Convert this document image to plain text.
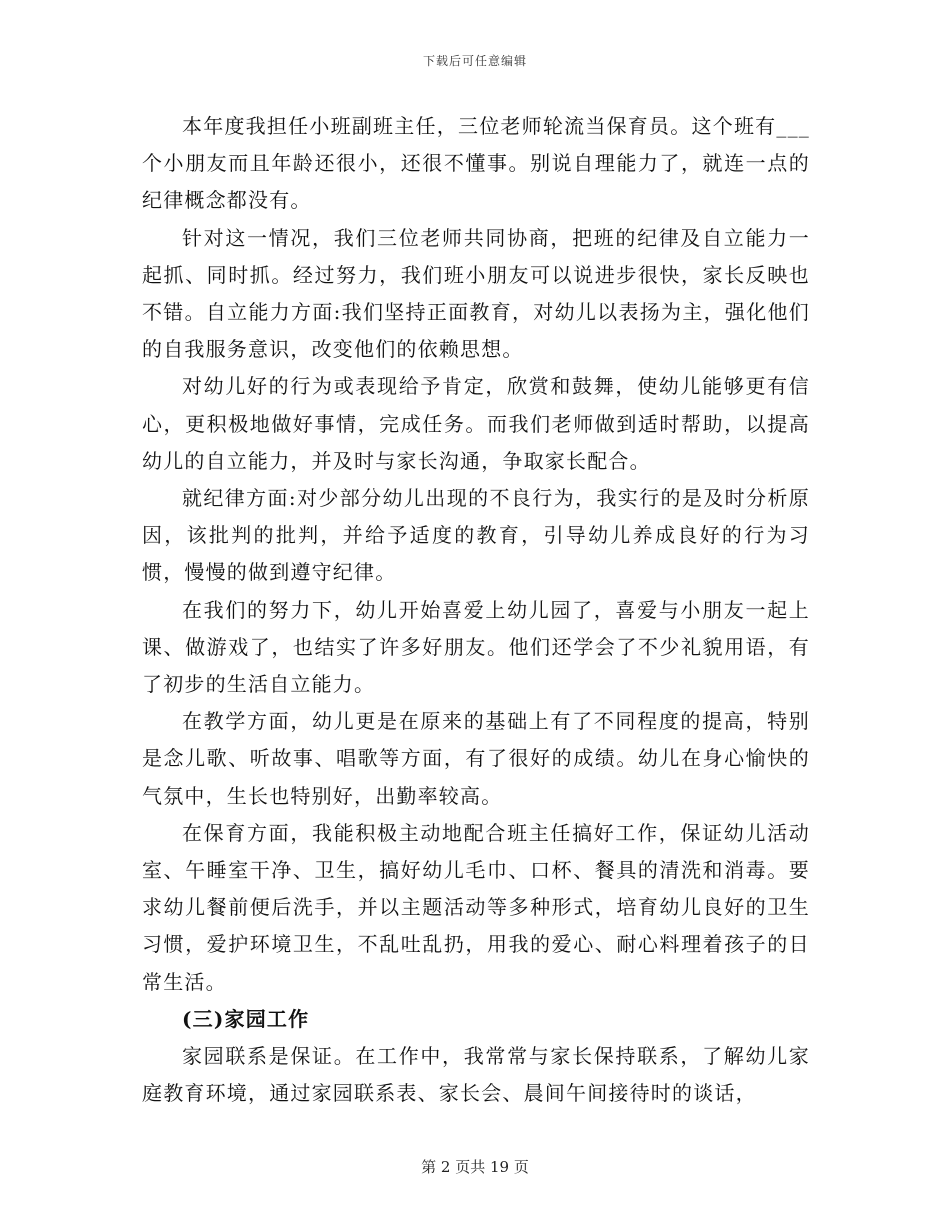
下载后可任意编辑

本年度我担任小班副班主任，三位老师轮流当保育员。这个班有___个小朋友而且年龄还很小，还很不懂事。别说自理能力了，就连一点的纪律概念都没有。

针对这一情况，我们三位老师共同协商，把班的纪律及自立能力一起抓、同时抓。经过努力，我们班小朋友可以说进步很快，家长反映也不错。自立能力方面:我们坚持正面教育，对幼儿以表扬为主，强化他们的自我服务意识，改变他们的依赖思想。

对幼儿好的行为或表现给予肯定，欣赏和鼓舞，使幼儿能够更有信心，更积极地做好事情，完成任务。而我们老师做到适时帮助，以提高幼儿的自立能力，并及时与家长沟通，争取家长配合。

就纪律方面:对少部分幼儿出现的不良行为，我实行的是及时分析原因，该批判的批判，并给予适度的教育，引导幼儿养成良好的行为习惯，慢慢的做到遵守纪律。

在我们的努力下，幼儿开始喜爱上幼儿园了，喜爱与小朋友一起上课、做游戏了，也结实了许多好朋友。他们还学会了不少礼貌用语，有了初步的生活自立能力。

在教学方面，幼儿更是在原来的基础上有了不同程度的提高，特别是念儿歌、听故事、唱歌等方面，有了很好的成绩。幼儿在身心愉快的气氛中，生长也特别好，出勤率较高。

在保育方面，我能积极主动地配合班主任搞好工作，保证幼儿活动室、午睡室干净、卫生，搞好幼儿毛巾、口杯、餐具的清洗和消毒。要求幼儿餐前便后洗手，并以主题活动等多种形式，培育幼儿良好的卫生习惯，爱护环境卫生，不乱吐乱扔，用我的爱心、耐心料理着孩子的日常生活。

(三)家园工作

家园联系是保证。在工作中，我常常与家长保持联系，了解幼儿家庭教育环境，通过家园联系表、家长会、晨间午间接待时的谈话，

第 2 页共 19 页
